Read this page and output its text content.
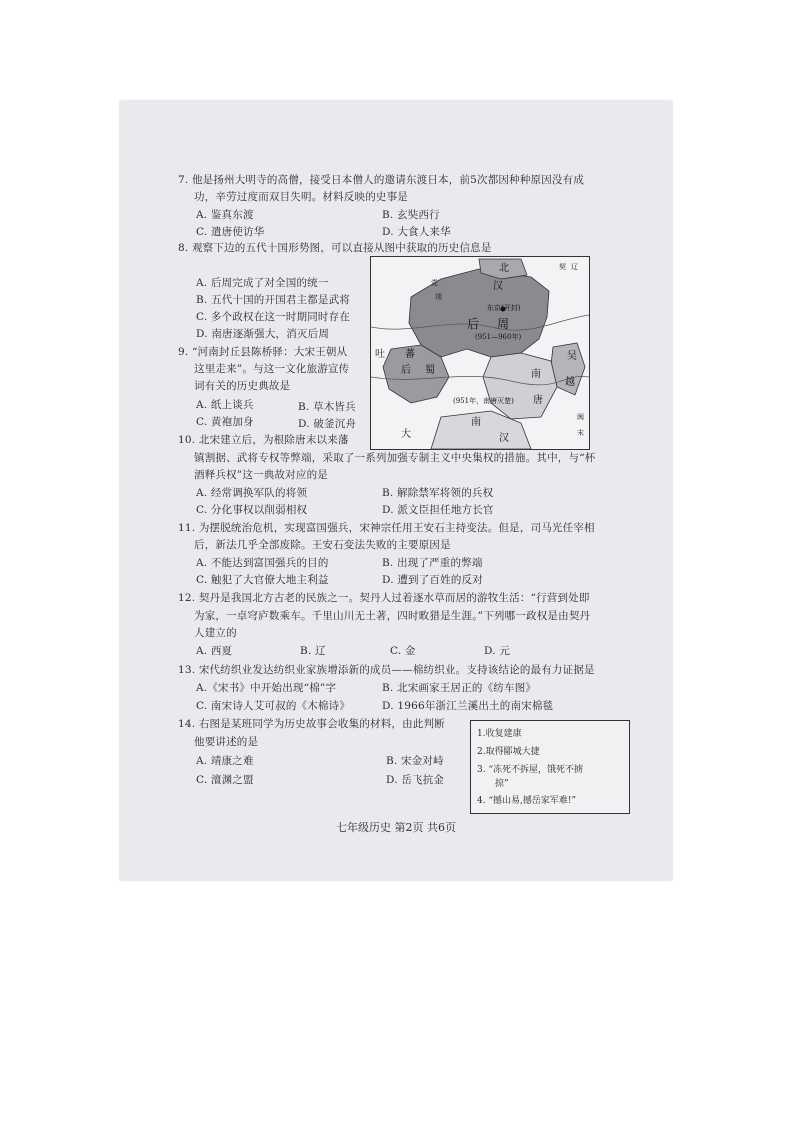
7. 他是扬州大明寺的高僧，接受日本僧人的邀请东渡日本，前5次都因种种原因没有成
功，辛劳过度而双目失明。材料反映的史事是
A. 鉴真东渡	B. 玄奘西行
C. 遣唐使访华	D. 大食人来华
8. 观察下边的五代十国形势图，可以直接从图中获取的历史信息是
A. 后周完成了对全国的统一
B. 五代十国的开国君主都是武将
C. 多个政权在这一时期同时存在
D. 南唐逐渐强大，消灭后周
北
汉
东京(开封)
后 周
(951—960年)
党
项
吐 蕃
后 蜀
吴
越
南
唐
(951年，南唐灭楚)
大
南
汉
契 辽
闽
末
9. “河南封丘县陈桥驿：大宋王朝从
这里走来”。与这一文化旅游宣传
词有关的历史典故是
A. 纸上谈兵	B. 草木皆兵
C. 黄袍加身	D. 破釜沉舟
10. 北宋建立后，为根除唐末以来藩
镇割据、武将专权等弊端，采取了一系列加强专制主义中央集权的措施。其中，与“杯
酒释兵权”这一典故对应的是
A. 经常调换军队的将领	B. 解除禁军将领的兵权
C. 分化事权以削弱相权	D. 派文臣担任地方长官
11. 为摆脱统治危机，实现富国强兵，宋神宗任用王安石主持变法。但是，司马光任宰相
后，新法几乎全部废除。王安石变法失败的主要原因是
A. 不能达到富国强兵的目的	B. 出现了严重的弊端
C. 触犯了大官僚大地主利益	D. 遭到了百姓的反对
12. 契丹是我国北方古老的民族之一。契丹人过着逐水草而居的游牧生活：“行营到处即
为家，一卓穹庐数乘车。千里山川无土著，四时畋猎是生涯。”下列哪一政权是由契丹
人建立的
A. 西夏	B. 辽	C. 金	D. 元
13. 宋代纺织业发达纺织业家族增添新的成员——棉纺织业。支持该结论的最有力证据是
A.《宋书》中开始出现“棉”字	B. 北宋画家王居正的《纺车图》
C. 南宋诗人艾可叔的《木棉诗》	D. 1966年浙江兰溪出土的南宋棉毯
14. 右图是某班同学为历史故事会收集的材料，由此判断
他要讲述的是
A. 靖康之难	B. 宋金对峙
C. 澶渊之盟	D. 岳飞抗金
1.收复建康
2.取得郾城大捷
3. “冻死不拆屋，饿死不掳
掠”
4. “撼山易,撼岳家军难!”
七年级历史 第2页 共6页
